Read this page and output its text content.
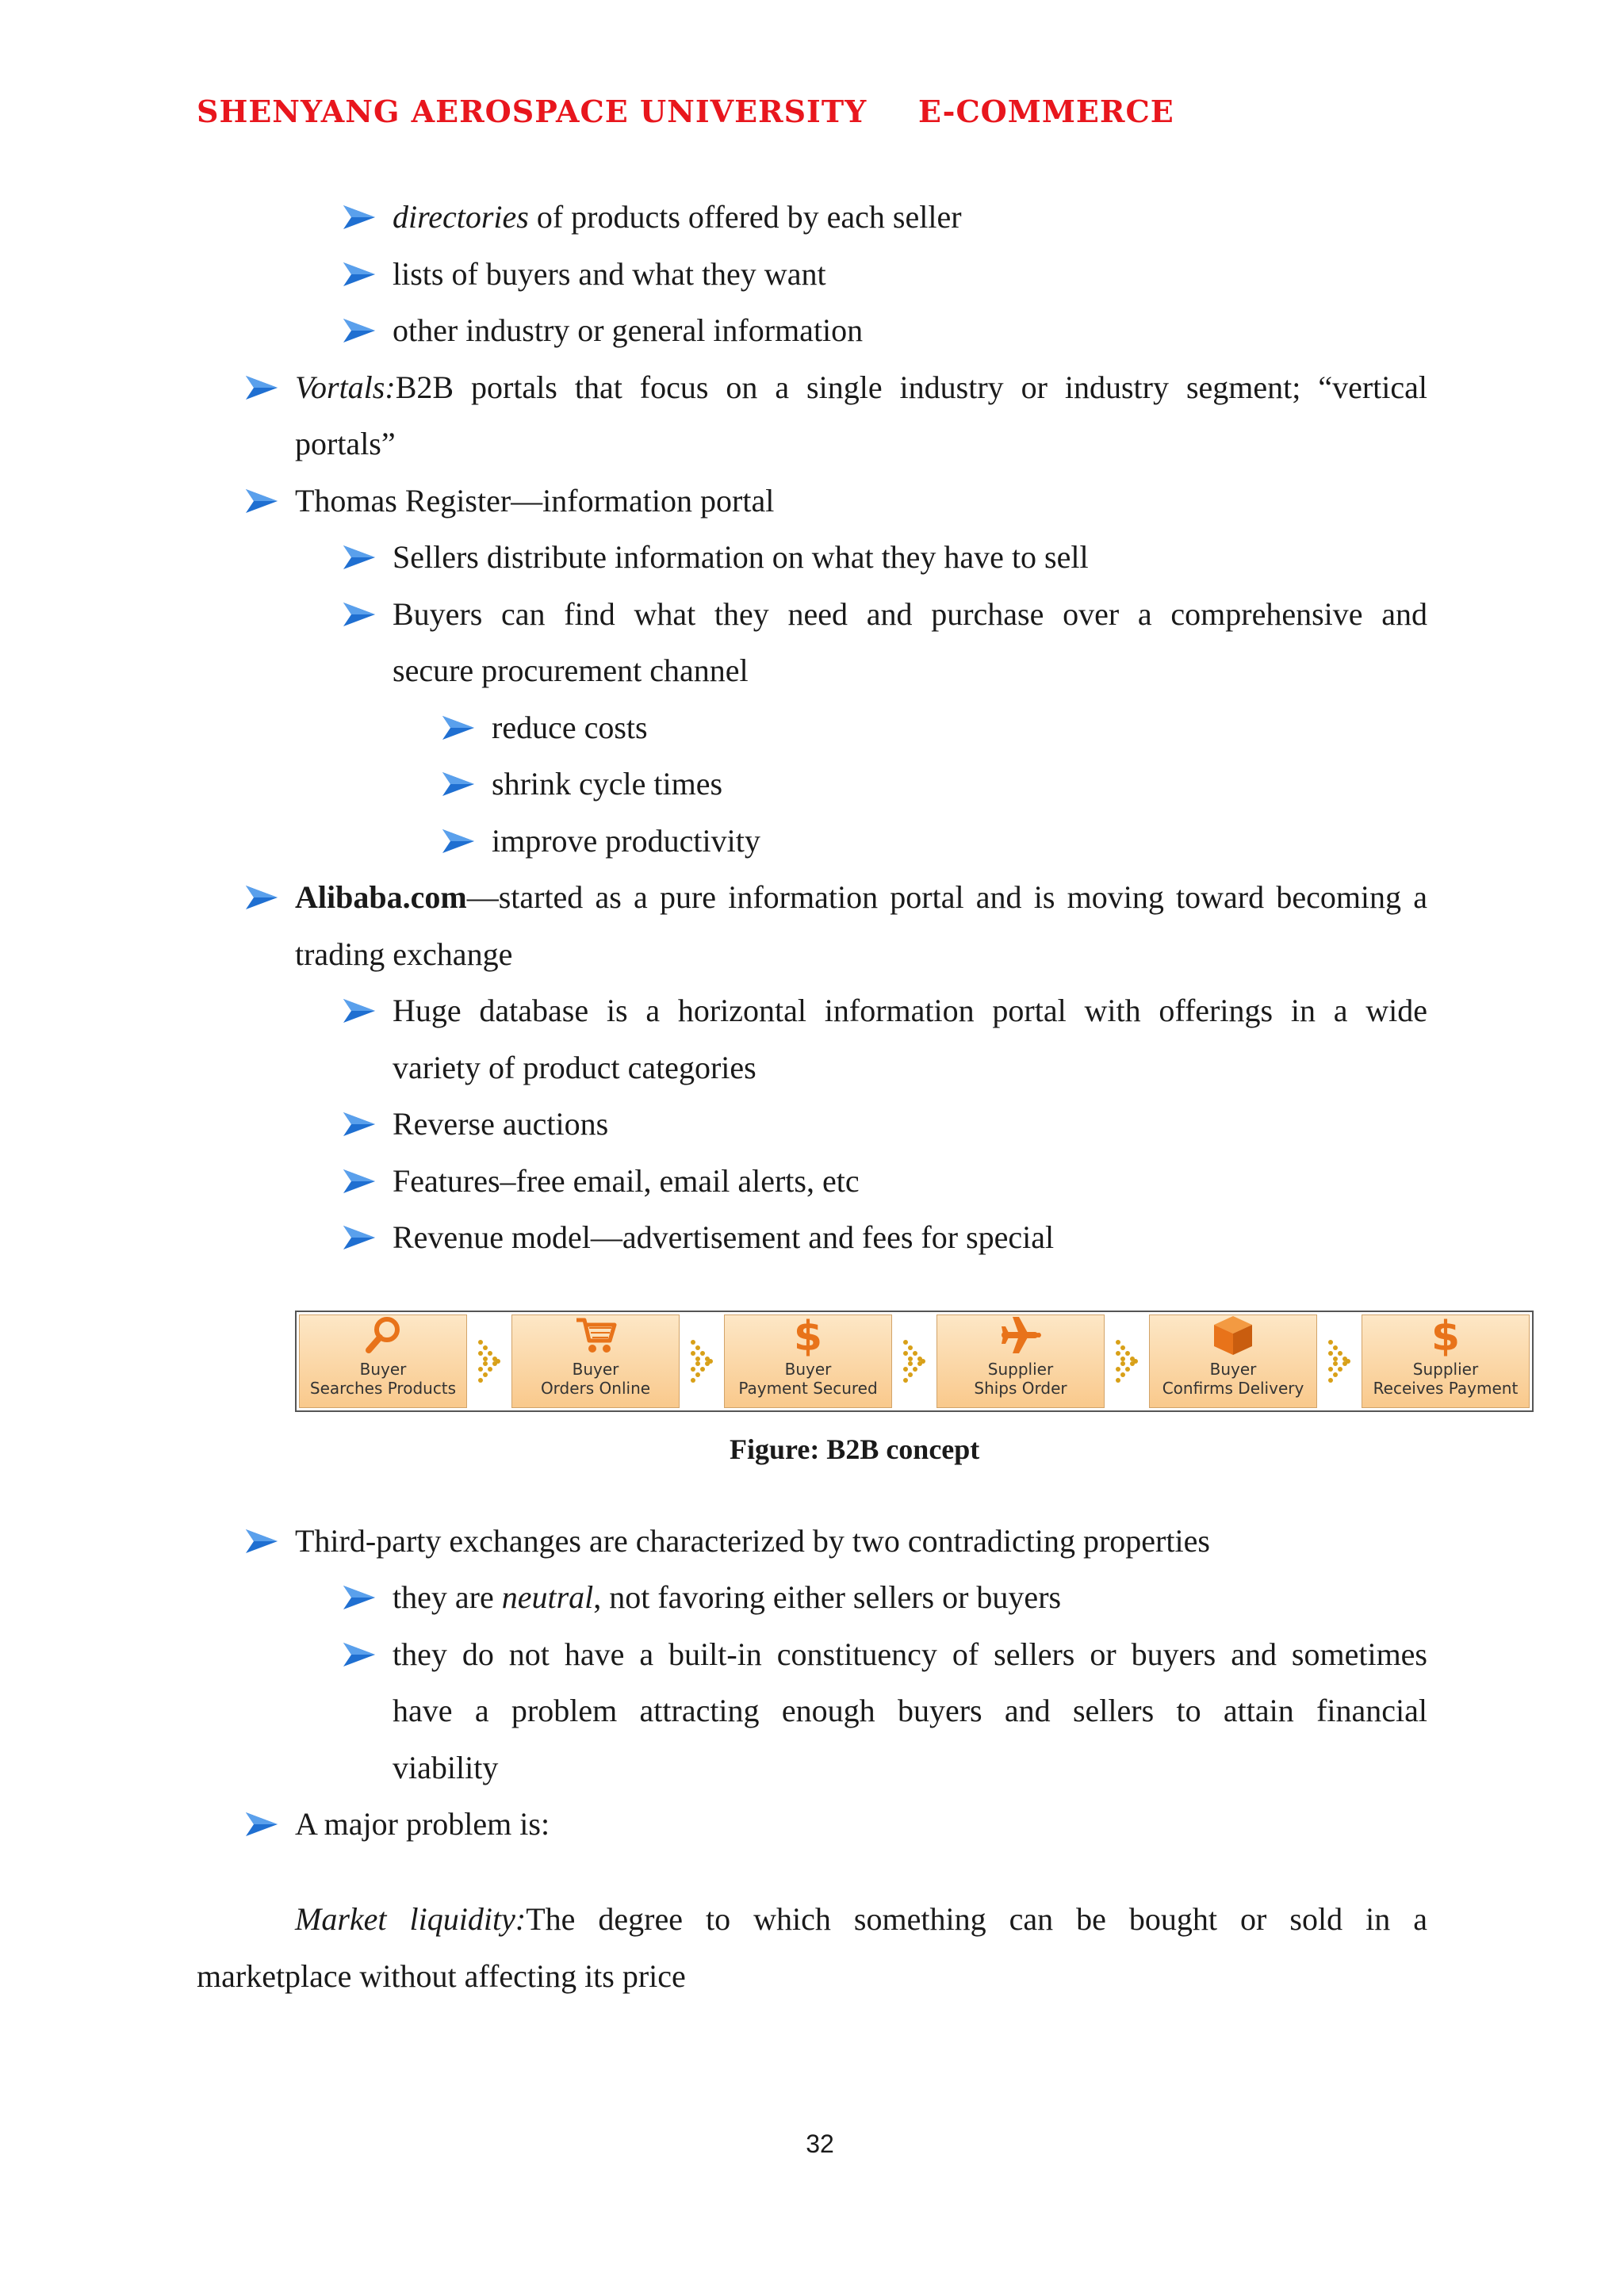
SHENYANG AEROSPACE UNIVERSITY E-COMMERCE
directories of products offered by each seller
lists of buyers and what they want
other industry or general information
Vortals:B2B portals that focus on a single industry or industry segment; “vertical
portals”
Thomas Register—information portal
Sellers distribute information on what they have to sell
Buyers can find what they need and purchase over a comprehensive and
secure procurement channel
reduce costs
shrink cycle times
improve productivity
Alibaba.com—started as a pure information portal and is moving toward becoming a
trading exchange
Huge database is a horizontal information portal with offerings in a wide
variety of product categories
Reverse auctions
Features–free email, email alerts, etc
Revenue model—advertisement and fees for special
Buyer
Searches Products
Buyer
Orders Online
$
Buyer
Payment Secured
Supplier
Ships Order
Buyer
Confirms Delivery
$
Supplier
Receives Payment
Figure: B2B concept
Third-party exchanges are characterized by two contradicting properties
they are neutral, not favoring either sellers or buyers
they do not have a built-in constituency of sellers or buyers and sometimes
have a problem attracting enough buyers and sellers to attain financial
viability
A major problem is:
Market liquidity:The degree to which something can be bought or sold in a
marketplace without affecting its price
32
